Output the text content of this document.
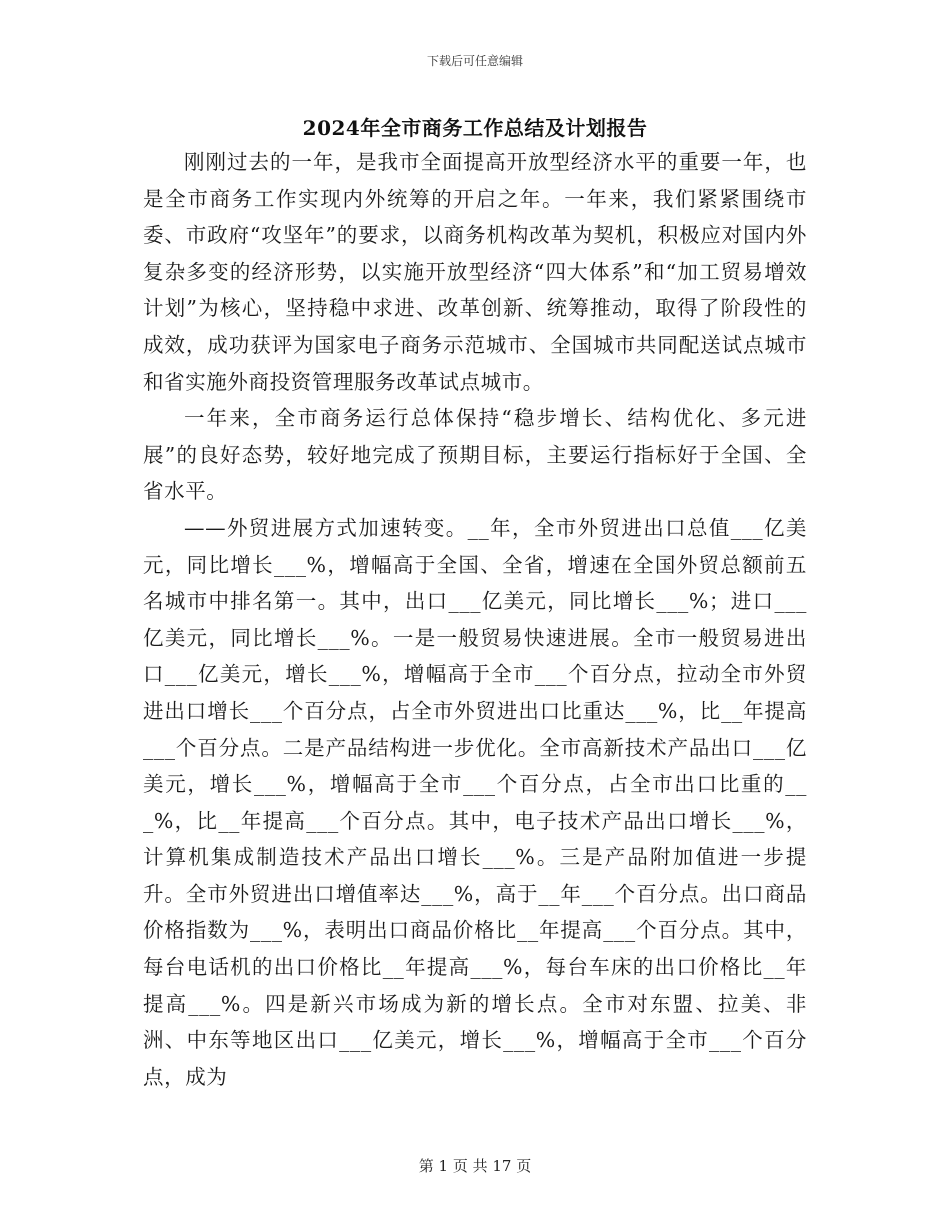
下载后可任意编辑
2024年全市商务工作总结及计划报告

刚刚过去的一年，是我市全面提高开放型经济水平的重要一年，也是全市商务工作实现内外统筹的开启之年。一年来，我们紧紧围绕市委、市政府“攻坚年”的要求，以商务机构改革为契机，积极应对国内外复杂多变的经济形势，以实施开放型经济“四大体系”和“加工贸易增效计划”为核心，坚持稳中求进、改革创新、统筹推动，取得了阶段性的成效，成功获评为国家电子商务示范城市、全国城市共同配送试点城市和省实施外商投资管理服务改革试点城市。

一年来，全市商务运行总体保持“稳步增长、结构优化、多元进展”的良好态势，较好地完成了预期目标，主要运行指标好于全国、全省水平。

——外贸进展方式加速转变。__年，全市外贸进出口总值___亿美元，同比增长___%，增幅高于全国、全省，增速在全国外贸总额前五名城市中排名第一。其中，出口___亿美元，同比增长___%；进口___亿美元，同比增长___%。一是一般贸易快速进展。全市一般贸易进出口___亿美元，增长___%，增幅高于全市___个百分点，拉动全市外贸进出口增长___个百分点，占全市外贸进出口比重达___%，比__年提高___个百分点。二是产品结构进一步优化。全市高新技术产品出口___亿美元，增长___%，增幅高于全市___个百分点，占全市出口比重的___%，比__年提高___个百分点。其中，电子技术产品出口增长___%，计算机集成制造技术产品出口增长___%。三是产品附加值进一步提升。全市外贸进出口增值率达___%，高于__年___个百分点。出口商品价格指数为___%，表明出口商品价格比__年提高___个百分点。其中，每台电话机的出口价格比__年提高___%，每台车床的出口价格比__年提高___%。四是新兴市场成为新的增长点。全市对东盟、拉美、非洲、中东等地区出口___亿美元，增长___%，增幅高于全市___个百分点，成为

第 1 页 共 17 页
